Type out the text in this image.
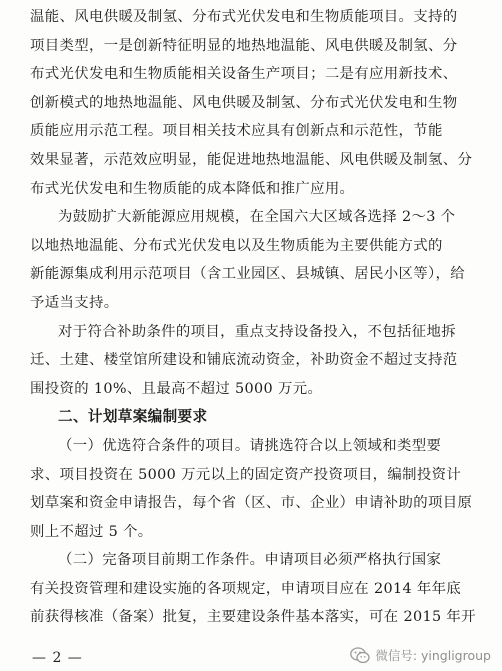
温能、风电供暖及制氢、分布式光伏发电和生物质能项目。支持的
项目类型，一是创新特征明显的地热地温能、风电供暖及制氢、分
布式光伏发电和生物质能相关设备生产项目；二是有应用新技术、
创新模式的地热地温能、风电供暖及制氢、分布式光伏发电和生物
质能应用示范工程。项目相关技术应具有创新点和示范性，节能
效果显著，示范效应明显，能促进地热地温能、风电供暖及制氢、分
布式光伏发电和生物质能的成本降低和推广应用。
为鼓励扩大新能源应用规模，在全国六大区域各选择 2～3 个
以地热地温能、分布式光伏发电以及生物质能为主要供能方式的
新能源集成利用示范项目（含工业园区、县城镇、居民小区等），给
予适当支持。
对于符合补助条件的项目，重点支持设备投入，不包括征地拆
迁、土建、楼堂馆所建设和铺底流动资金，补助资金不超过支持范
围投资的 10%、且最高不超过 5000 万元。
二、计划草案编制要求
（一）优选符合条件的项目。请挑选符合以上领域和类型要
求、项目投资在 5000 万元以上的固定资产投资项目，编制投资计
划草案和资金申请报告，每个省（区、市、企业）申请补助的项目原
则上不超过 5 个。
（二）完备项目前期工作条件。申请项目必须严格执行国家
有关投资管理和建设实施的各项规定，申请项目应在 2014 年年底
前获得核准（备案）批复，主要建设条件基本落实，可在 2015 年开
— 2 —	微信号: yingligroup
